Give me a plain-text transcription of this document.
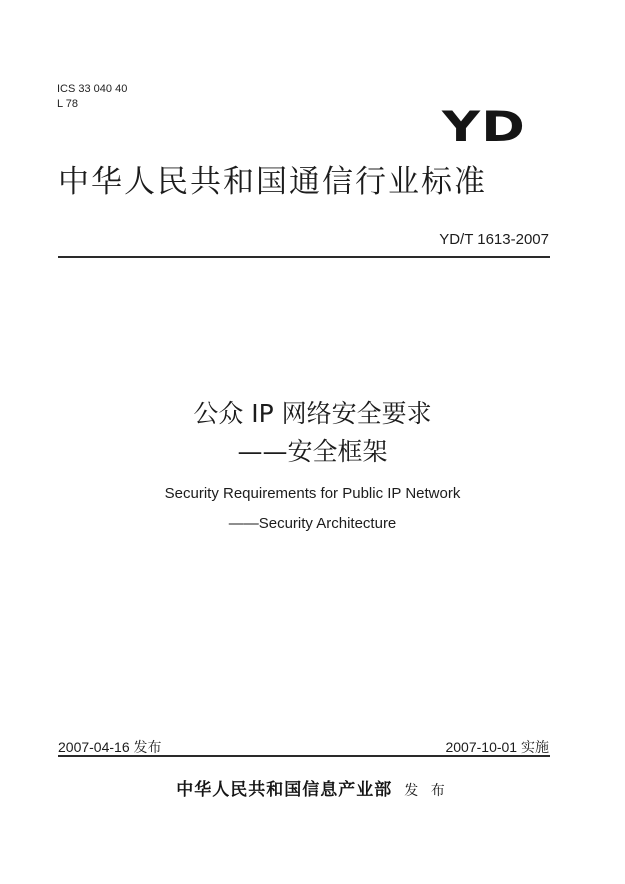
ICS 33 040 40
L 78	YD
中华人民共和国通信行业标准
YD/T 1613-2007
公众 IP 网络安全要求
——安全框架
Security Requirements for Public IP Network
——Security Architecture
2007-04-16 发布	2007-10-01 实施
中华人民共和国信息产业部 发 布
